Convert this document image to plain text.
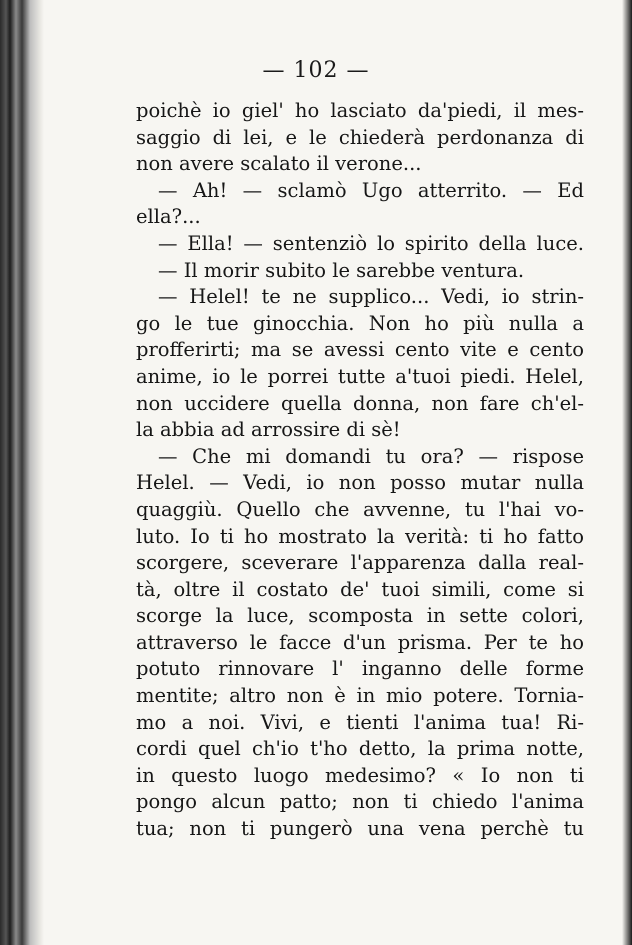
— 102 —
poichè io giel' ho lasciato da'piedi, il mes-
saggio di lei, e le chiederà perdonanza di
non avere scalato il verone...
— Ah! — sclamò Ugo atterrito. — Ed
ella?...
— Ella! — sentenziò lo spirito della luce.
— Il morir subito le sarebbe ventura.
— Helel! te ne supplico... Vedi, io strin-
go le tue ginocchia. Non ho più nulla a
profferirti; ma se avessi cento vite e cento
anime, io le porrei tutte a'tuoi piedi. Helel,
non uccidere quella donna, non fare ch'el-
la abbia ad arrossire di sè!
— Che mi domandi tu ora? — rispose
Helel. — Vedi, io non posso mutar nulla
quaggiù. Quello che avvenne, tu l'hai vo-
luto. Io ti ho mostrato la verità: ti ho fatto
scorgere, sceverare l'apparenza dalla real-
tà, oltre il costato de' tuoi simili, come si
scorge la luce, scomposta in sette colori,
attraverso le facce d'un prisma. Per te ho
potuto rinnovare l' inganno delle forme
mentite; altro non è in mio potere. Tornia-
mo a noi. Vivi, e tienti l'anima tua! Ri-
cordi quel ch'io t'ho detto, la prima notte,
in questo luogo medesimo? « Io non ti
pongo alcun patto; non ti chiedo l'anima
tua; non ti pungerò una vena perchè tu
